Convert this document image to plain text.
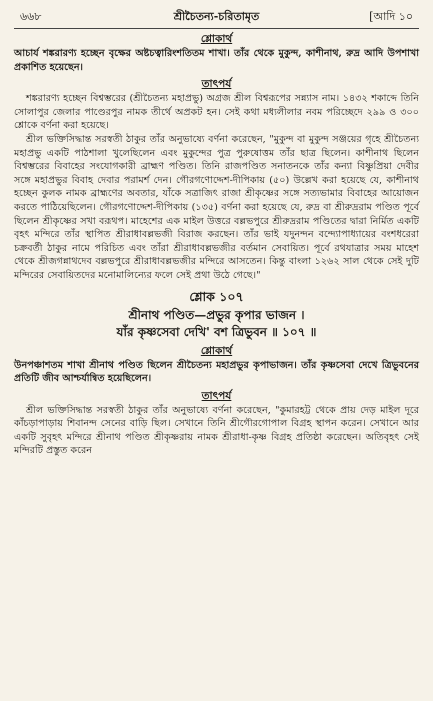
৬৬৮	শ্রীচৈতন্য-চরিতামৃত	[আদি ১০
শ্লোকার্থ

আচার্য শঙ্করারণ্য হচ্ছেন বৃক্ষের অষ্টচত্বারিংশতিতম শাখা। তাঁর থেকে মুকুন্দ, কাশীনাথ, রুদ্র আদি উপশাখা প্রকাশিত হয়েছেন।

তাৎপর্য

শঙ্করারণ্য হচ্ছেন বিশ্বম্ভরের (শ্রীচৈতন্য মহাপ্রভু) অগ্রজ শ্রীল বিশ্বরূপের সন্ন্যাস নাম। ১৪৩২ শকাব্দে তিনি সোলাপুর জেলার পাণ্ডেরপুর নামক তীর্থে অপ্রকট হন। সেই কথা মধ্যলীলার নবম পরিচ্ছেদে ২৯৯ ও ৩০০ শ্লোকে বর্ণনা করা হয়েছে।

শ্রীল ভক্তিসিদ্ধান্ত সরস্বতী ঠাকুর তাঁর অনুভাষ্যে বর্ণনা করেছেন, "মুকুন্দ বা মুকুন্দ সঞ্জয়ের গৃহে শ্রীচৈতন্য মহাপ্রভু একটি পাঠশালা খুলেছিলেন এবং মুকুন্দের পুত্র পুরুষোত্তম তাঁর ছাত্র ছিলেন। কাশীনাথ ছিলেন বিশ্বম্ভরের বিবাহের সংযোগকারী ব্রাহ্মণ পণ্ডিত। তিনি রাজপণ্ডিত সনাতনকে তাঁর কন্যা বিষ্ণুপ্রিয়া দেবীর সঙ্গে মহাপ্রভুর বিবাহ দেবার পরামর্শ দেন। গৌরগণোদ্দেশ-দীপিকায় (৫০) উল্লেখ করা হয়েছে যে, কাশীনাথ হচ্ছেন কুলক নামক ব্রাহ্মণের অবতার, যাঁকে সত্রাজিৎ রাজা শ্রীকৃষ্ণের সঙ্গে সত্যভামার বিবাহের আয়োজন করতে পাঠিয়েছিলেন। গৌরগণোদ্দেশ-দীপিকায় (১৩৫) বর্ণনা করা হয়েছে যে, রুদ্র বা শ্রীরুদ্ররাম পণ্ডিত পূর্বে ছিলেন শ্রীকৃষ্ণের সখা বরূথপ। মাহেশের এক মাইল উত্তরে বল্লভপুরে শ্রীরুদ্ররাম পণ্ডিতের দ্বারা নির্মিত একটি বৃহৎ মন্দিরে তাঁর স্থাপিত শ্রীরাধাবল্লভজী বিরাজ করছেন। তাঁর ভাই যদুনন্দন বন্দ্যোপাধ্যায়ের বংশধরেরা চক্রবর্তী ঠাকুর নামে পরিচিত এবং তাঁরা শ্রীরাধাবল্লভজীর বর্তমান সেবায়িত। পূর্বে রথযাত্রার সময় মাহেশ থেকে শ্রীজগন্নাথদেব বল্লভপুরে শ্রীরাধাবল্লভজীর মন্দিরে আসতেন। কিন্তু বাংলা ১২৬২ সাল থেকে সেই দুটি মন্দিরের সেবায়িতদের মনোমালিন্যের ফলে সেই প্রথা উঠে গেছে।"

শ্লোক ১০৭

শ্রীনাথ পণ্ডিত—প্রভুর কৃপার ভাজন ।

যাঁর কৃষ্ণসেবা দেখি' বশ ত্রিভুবন ॥ ১০৭ ॥

শ্লোকার্থ

উনপঞ্চাশতম শাখা শ্রীনাথ পণ্ডিত ছিলেন শ্রীচৈতন্য মহাপ্রভুর কৃপাভাজন। তাঁর কৃষ্ণসেবা দেখে ত্রিভুবনের প্রতিটি জীব আশ্চর্যান্বিত হয়েছিলেন।

তাৎপর্য

শ্রীল ভক্তিসিদ্ধান্ত সরস্বতী ঠাকুর তাঁর অনুভাষ্যে বর্ণনা করেছেন, "কুমারহট্ট থেকে প্রায় দেড় মাইল দূরে কাঁচড়াপাড়ায় শিবানন্দ সেনের বাড়ি ছিল। সেখানে তিনি শ্রীগৌরগোপাল বিগ্রহ স্থাপন করেন। সেখানে আর একটি সুবৃহৎ মন্দিরে শ্রীনাথ পণ্ডিত শ্রীকৃষ্ণরায় নামক শ্রীরাধা-কৃষ্ণ বিগ্রহ প্রতিষ্ঠা করেছেন। অতিবৃহৎ সেই মন্দিরটি প্রস্তুত করেন
